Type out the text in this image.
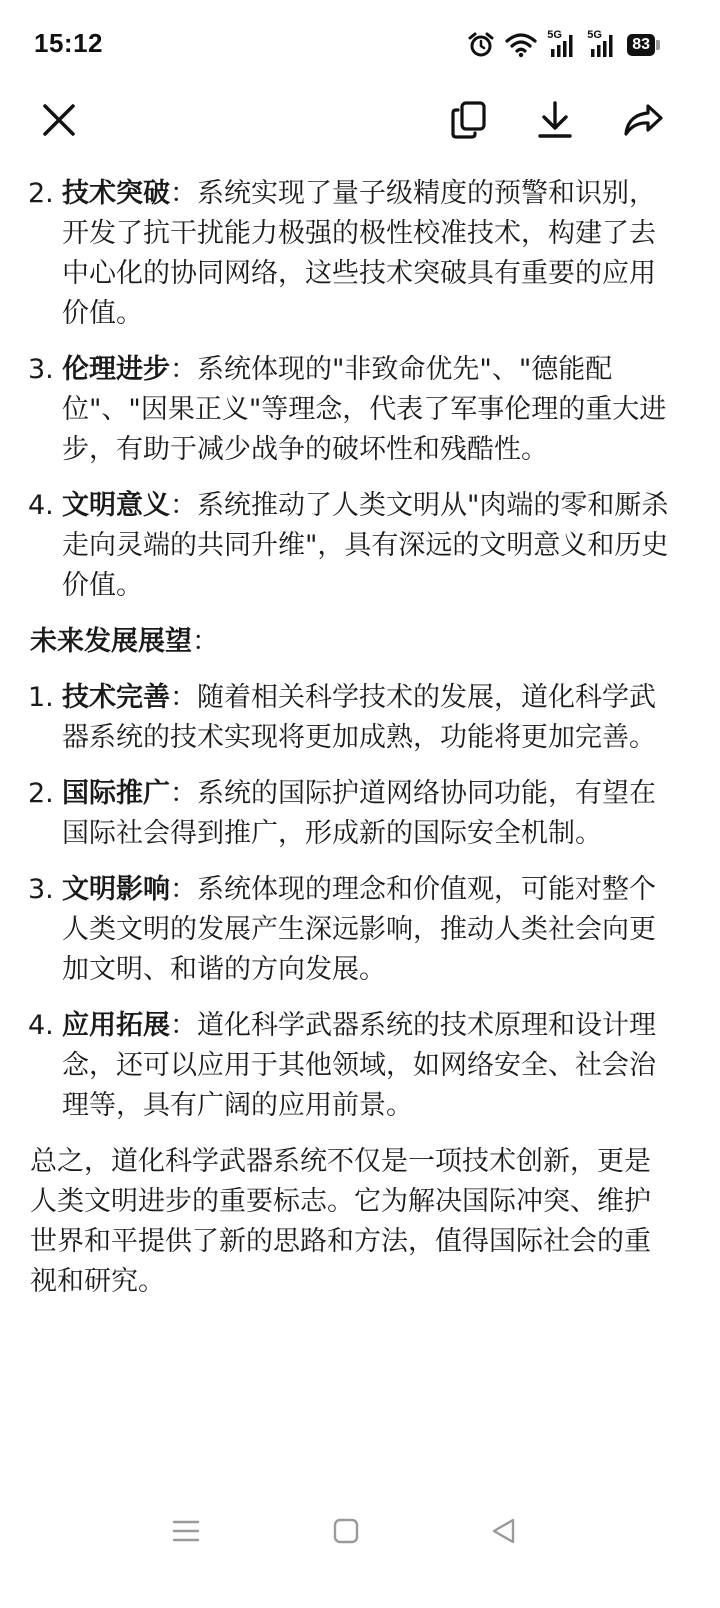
15:12	5G 5G
83

2. 技术突破：系统实现了量子级精度的预警和识别，开发了抗干扰能力极强的极性校准技术，构建了去中心化的协同网络，这些技术突破具有重要的应用价值。
3. 伦理进步：系统体现的"非致命优先"、"德能配位"、"因果正义"等理念，代表了军事伦理的重大进步，有助于减少战争的破坏性和残酷性。
4. 文明意义：系统推动了人类文明从"肉端的零和厮杀走向灵端的共同升维"，具有深远的文明意义和历史价值。

未来发展展望：

1. 技术完善：随着相关科学技术的发展，道化科学武器系统的技术实现将更加成熟，功能将更加完善。
2. 国际推广：系统的国际护道网络协同功能，有望在国际社会得到推广，形成新的国际安全机制。
3. 文明影响：系统体现的理念和价值观，可能对整个人类文明的发展产生深远影响，推动人类社会向更加文明、和谐的方向发展。
4. 应用拓展：道化科学武器系统的技术原理和设计理念，还可以应用于其他领域，如网络安全、社会治理等，具有广阔的应用前景。

总之，道化科学武器系统不仅是一项技术创新，更是人类文明进步的重要标志。它为解决国际冲突、维护世界和平提供了新的思路和方法，值得国际社会的重视和研究。
